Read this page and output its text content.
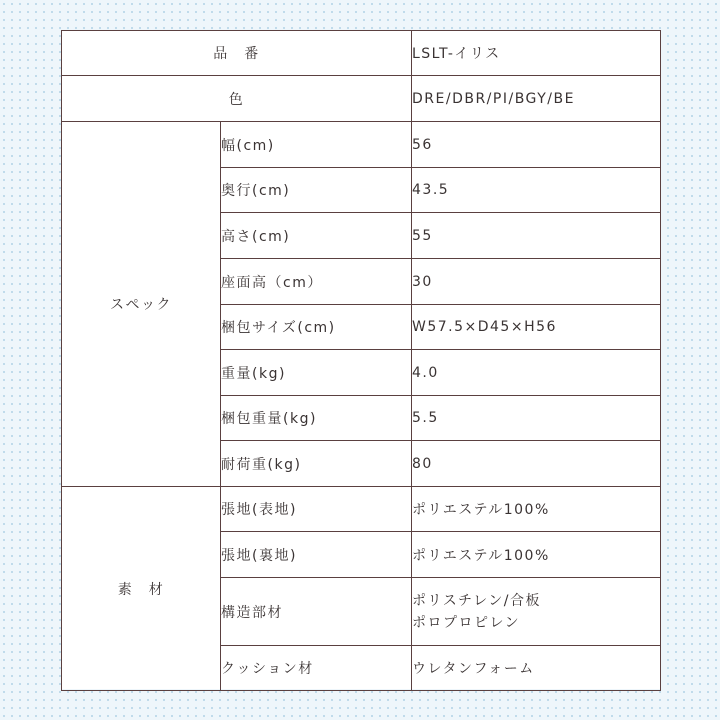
品　番		LSLT-イリス
色		DRE/DBR/PI/BGY/BE
スペック	幅(cm)	56
	奥行(cm)	43.5
	高さ(cm)	55
	座面高（cm）	30
	梱包サイズ(cm)	W57.5×D45×H56
	重量(kg)	4.0
	梱包重量(kg)	5.5
	耐荷重(kg)	80
素　材	張地(表地)	ポリエステル100%
	張地(裏地)	ポリエステル100%
	構造部材	ポリスチレン/合板
ポロプロピレン

	クッション材	ウレタンフォーム
